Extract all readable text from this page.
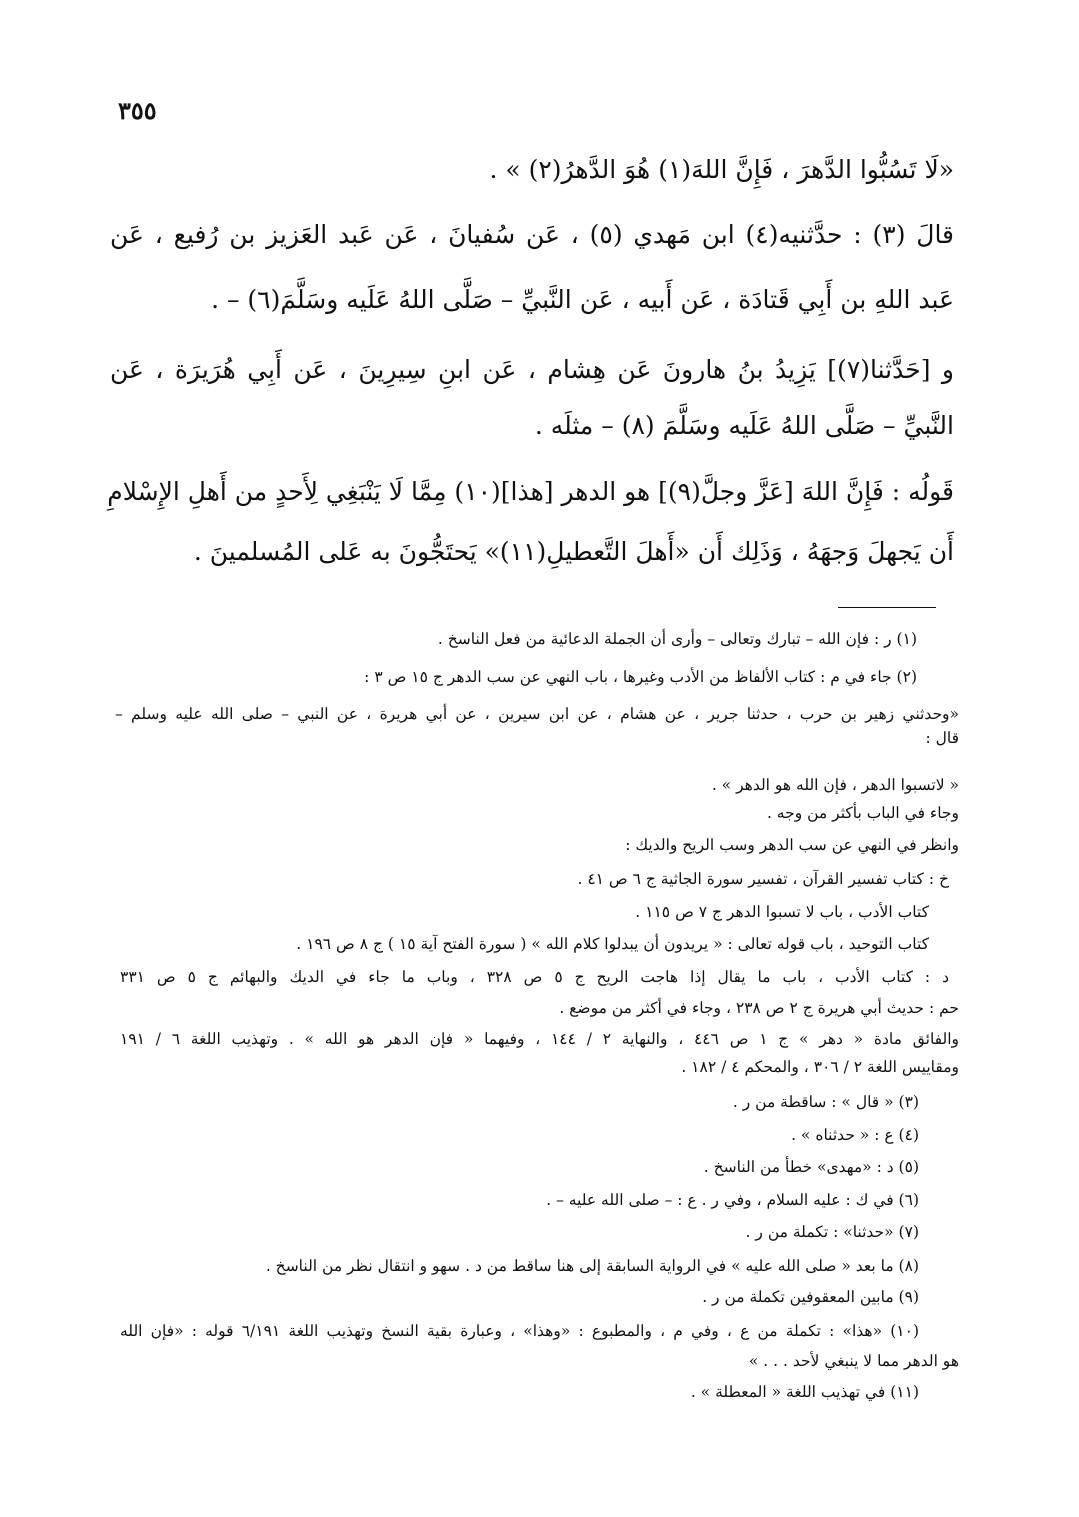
٣٥٥
«لَا تَسُبُّوا الدَّهرَ ، فَإِنَّ اللهَ(١) هُوَ الدَّهرُ(٢) » .
قالَ (٣) : حدَّثنيه(٤) ابن مَهدي (٥) ، عَن سُفيانَ ، عَن عَبد العَزيز بن رُفيع ، عَن
عَبد اللهِ بن أَبِي قَتادَة ، عَن أَبيه ، عَن النَّبيِّ – صَلَّى اللهُ عَلَيه وسَلَّمَ(٦) – .
و [حَدَّثنا(٧)] يَزِيدُ بنُ هارونَ عَن هِشام ، عَن ابنِ سِيرِينَ ، عَن أَبِي هُرَيرَة ، عَن
النَّبيِّ – صَلَّى اللهُ عَلَيه وسَلَّمَ (٨) – مثلَه .
قَولُه : فَإِنَّ اللهَ [عَزَّ وجلَّ(٩)] هو الدهر [هذا](١٠) مِمَّا لَا يَنْبَغِي لِأَحدٍ من أَهلِ الإِسْلامِ
أَن يَجهلَ وَجهَهُ ، وَذَلِك أَن «أَهلَ التَّعطيلِ(١١)» يَحتَجُّونَ به عَلى المُسلمينَ .
(١) ر : فإن الله – تبارك وتعالى – وأرى أن الجملة الدعائية من فعل الناسخ .
(٢) جاء في م : كتاب الألفاظ من الأدب وغيرها ، باب النهي عن سب الدهر ج ١٥ ص ٣ :
«وحدثني زهير بن حرب ، حدثنا جرير ، عن هشام ، عن ابن سيرين ، عن أبي هريرة ، عن النبي – صلى الله عليه وسلم –
قال :
« لاتسبوا الدهر ، فإن الله هو الدهر » .
وجاء في الباب بأكثر من وجه .
وانظر في النهي عن سب الدهر وسب الريح والديك :
خ : كتاب تفسير القرآن ، تفسير سورة الجاثية ج ٦ ص ٤١ .
كتاب الأدب ، باب لا تسبوا الدهر ج ٧ ص ١١٥ .
كتاب التوحيد ، باب قوله تعالى : « يريدون أن يبدلوا كلام الله » ( سورة الفتح آية ١٥ ) ج ٨ ص ١٩٦ .
د : كتاب الأدب ، باب ما يقال إذا هاجت الريح ج ٥ ص ٣٢٨ ، وباب ما جاء في الديك والبهائم ج ٥ ص ٣٣١
حم : حديث أبي هريرة ج ٢ ص ٢٣٨ ، وجاء في أكثر من موضع .
والفائق مادة « دهر » ج ١ ص ٤٤٦ ، والنهاية ٢ / ١٤٤ ، وفيهما « فإن الدهر هو الله » . وتهذيب اللغة ٦ / ١٩١
ومقاييس اللغة ٢ / ٣٠٦ ، والمحكم ٤ / ١٨٢ .
(٣) « قال » : ساقطة من ر .
(٤) ع : « حدثناه » .
(٥) د : «مهدى» خطأ من الناسخ .
(٦) في ك : عليه السلام ، وفي ر . ع : – صلى الله عليه – .
(٧) «حدثنا» : تكملة من ر .
(٨) ما بعد « صلى الله عليه » في الرواية السابقة إلى هنا ساقط من د . سهو و انتقال نظر من الناسخ .
(٩) مابين المعقوفين تكملة من ر .
(١٠) «هذا» : تكملة من ع ، وفي م ، والمطبوع : «وهذا» ، وعبارة بقية النسخ وتهذيب اللغة ٦/١٩١ قوله : «فإن الله
هو الدهر مما لا ينبغي لأحد . . . »
(١١) في تهذيب اللغة « المعطلة » .
